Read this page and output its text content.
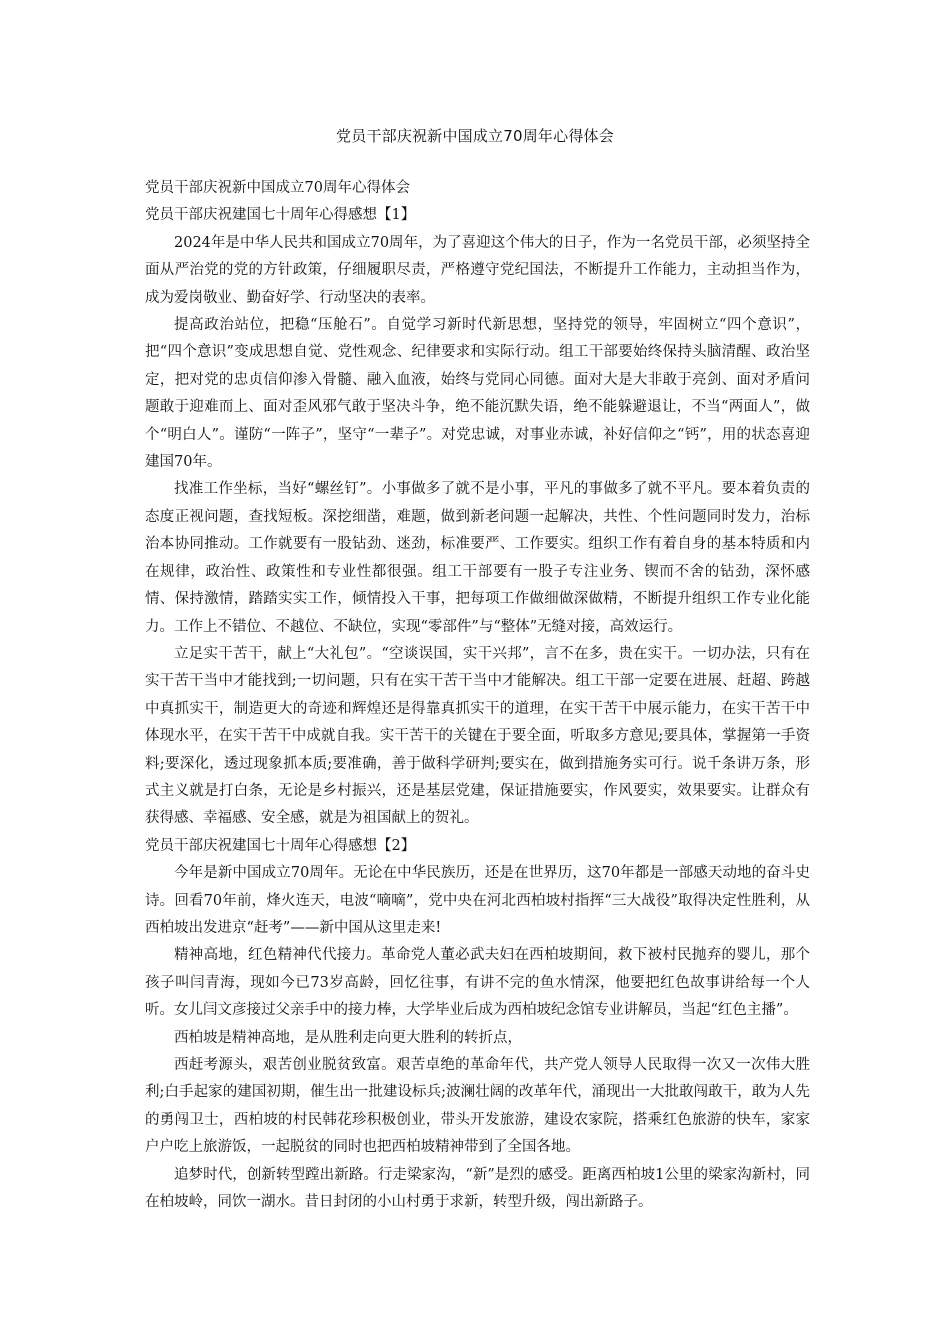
党员干部庆祝新中国成立70周年心得体会

党员干部庆祝新中国成立70周年心得体会

党员干部庆祝建国七十周年心得感想【1】

2024年是中华人民共和国成立70周年，为了喜迎这个伟大的日子，作为一名党员干部，必须坚持全面从严治党的党的方针政策，仔细履职尽责，严格遵守党纪国法，不断提升工作能力，主动担当作为，成为爱岗敬业、勤奋好学、行动坚决的表率。

提高政治站位，把稳“压舱石”。自觉学习新时代新思想，坚持党的领导，牢固树立“四个意识”，把“四个意识”变成思想自觉、党性观念、纪律要求和实际行动。组工干部要始终保持头脑清醒、政治坚定，把对党的忠贞信仰渗入骨髓、融入血液，始终与党同心同德。面对大是大非敢于亮剑、面对矛盾问题敢于迎难而上、面对歪风邪气敢于坚决斗争，绝不能沉默失语，绝不能躲避退让，不当“两面人”，做个“明白人”。谨防“一阵子”，坚守“一辈子”。对党忠诚，对事业赤诚，补好信仰之“钙”，用的状态喜迎建国70年。

找准工作坐标，当好“螺丝钉”。小事做多了就不是小事，平凡的事做多了就不平凡。要本着负责的态度正视问题，查找短板。深挖细凿，难题，做到新老问题一起解决，共性、个性问题同时发力，治标治本协同推动。工作就要有一股钻劲、迷劲，标准要严、工作要实。组织工作有着自身的基本特质和内在规律，政治性、政策性和专业性都很强。组工干部要有一股子专注业务、锲而不舍的钻劲，深怀感情、保持激情，踏踏实实工作，倾情投入干事，把每项工作做细做深做精，不断提升组织工作专业化能力。工作上不错位、不越位、不缺位，实现“零部件”与“整体”无缝对接，高效运行。

立足实干苦干，献上“大礼包”。“空谈误国，实干兴邦”，言不在多，贵在实干。一切办法，只有在实干苦干当中才能找到;一切问题，只有在实干苦干当中才能解决。组工干部一定要在进展、赶超、跨越中真抓实干，制造更大的奇迹和辉煌还是得靠真抓实干的道理，在实干苦干中展示能力，在实干苦干中体现水平，在实干苦干中成就自我。实干苦干的关键在于要全面，听取多方意见;要具体，掌握第一手资料;要深化，透过现象抓本质;要准确，善于做科学研判;要实在，做到措施务实可行。说千条讲万条，形式主义就是打白条，无论是乡村振兴，还是基层党建，保证措施要实，作风要实，效果要实。让群众有获得感、幸福感、安全感，就是为祖国献上的贺礼。

党员干部庆祝建国七十周年心得感想【2】

今年是新中国成立70周年。无论在中华民族历，还是在世界历，这70年都是一部感天动地的奋斗史诗。回看70年前，烽火连天，电波“嘀嘀”，党中央在河北西柏坡村指挥“三大战役”取得决定性胜利，从西柏坡出发进京“赶考”——新中国从这里走来!

精神高地，红色精神代代接力。革命党人董必武夫妇在西柏坡期间，救下被村民抛弃的婴儿，那个孩子叫闫青海，现如今已73岁高龄，回忆往事，有讲不完的鱼水情深，他要把红色故事讲给每一个人听。女儿闫文彦接过父亲手中的接力棒，大学毕业后成为西柏坡纪念馆专业讲解员，当起“红色主播”。

西柏坡是精神高地，是从胜利走向更大胜利的转折点，

西赶考源头，艰苦创业脱贫致富。艰苦卓绝的革命年代，共产党人领导人民取得一次又一次伟大胜利;白手起家的建国初期，催生出一批建设标兵;波澜壮阔的改革年代，涌现出一大批敢闯敢干，敢为人先的勇闯卫士，西柏坡的村民韩花珍积极创业，带头开发旅游，建设农家院，搭乘红色旅游的快车，家家户户吃上旅游饭，一起脱贫的同时也把西柏坡精神带到了全国各地。

追梦时代，创新转型蹚出新路。行走梁家沟，“新”是烈的感受。距离西柏坡1公里的梁家沟新村，同在柏坡岭，同饮一湖水。昔日封闭的小山村勇于求新，转型升级，闯出新路子。
